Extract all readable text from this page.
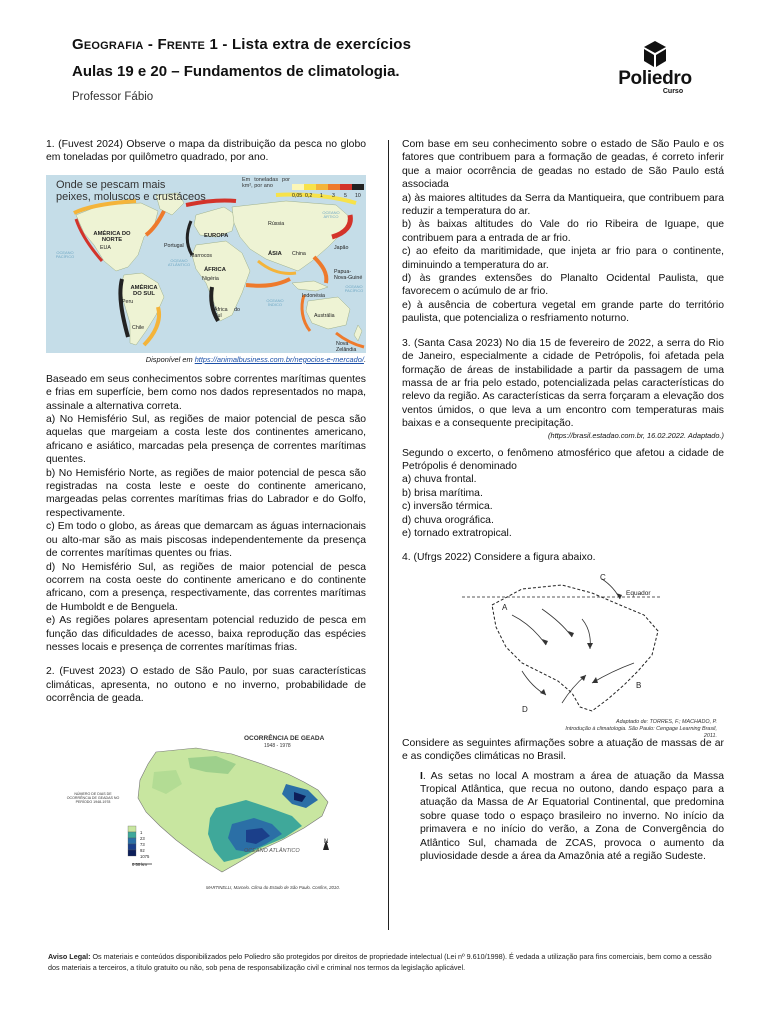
Geografia - Frente 1 - Lista extra de exercícios
Aulas 19 e 20 – Fundamentos de climatologia.
Professor Fábio
Poliedro
Curso

1. (Fuvest 2024) Observe o mapa da distribuição da pesca no globo em toneladas por quilômetro quadrado, por ano.

Onde se pescam mais
peixes, moluscos e crustáceos
Em toneladas por km², por ano
0,05 0,2 1 3 5 10
AMÉRICA DO NORTE
EUA
EUROPA
Rússia
ÁSIA China
Japão
Portugal
Marrocos
ÁFRICA
Nigéria
AMÉRICA DO SUL
Peru
Chile
África do Sul
Indonésia
Papua-Nova-Guiné
Austrália
Nova Zelândia
OCEANO PACÍFICO
OCEANO ATLÂNTICO
OCEANO PACÍFICO
OCEANO ÍNDICO
OCEANO ÁRTICO
Disponível em https://animalbusiness.com.br/negocios-e-mercado/.

Baseado em seus conhecimentos sobre correntes marítimas quentes e frias em superfície, bem como nos dados representados no mapa, assinale a alternativa correta.

a) No Hemisfério Sul, as regiões de maior potencial de pesca são aquelas que margeiam a costa leste dos continentes americano, africano e asiático, marcadas pela presença de correntes marítimas quentes.

b) No Hemisfério Norte, as regiões de maior potencial de pesca são registradas na costa leste e oeste do continente americano, margeadas pelas correntes marítimas frias do Labrador e do Golfo, respectivamente.

c) Em todo o globo, as áreas que demarcam as águas internacionais ou alto-mar são as mais piscosas independentemente da presença de correntes marítimas quentes ou frias.

d) No Hemisfério Sul, as regiões de maior potencial de pesca ocorrem na costa oeste do continente americano e do continente africano, com a presença, respectivamente, das correntes marítimas de Humboldt e de Benguela.

e) As regiões polares apresentam potencial reduzido de pesca em função das dificuldades de acesso, baixa reprodução das espécies nesses locais e presença de correntes marítimas frias.

2. (Fuvest 2023) O estado de São Paulo, por suas características climáticas, apresenta, no outono e no inverno, probabilidade de ocorrência de geada.

OCORRÊNCIA DE GEADA
1948 - 1978
NÚMERO DE DIAS DE OCORRÊNCIA DE GEADAS NO PERÍODO 1948-1978
1
23
73
92
1075
OCEANO ATLÂNTICO
0 50 km
N
MARTINELLI, Marcelo. Clima do Estado de São Paulo. Confins, 2010.

Com base em seu conhecimento sobre o estado de São Paulo e os fatores que contribuem para a formação de geadas, é correto inferir que a maior ocorrência de geadas no estado de São Paulo está associada

a) às maiores altitudes da Serra da Mantiqueira, que contribuem para reduzir a temperatura do ar.

b) às baixas altitudes do Vale do rio Ribeira de Iguape, que contribuem para a entrada de ar frio.

c) ao efeito da maritimidade, que injeta ar frio para o continente, diminuindo a temperatura do ar.

d) às grandes extensões do Planalto Ocidental Paulista, que favorecem o acúmulo de ar frio.

e) à ausência de cobertura vegetal em grande parte do território paulista, que potencializa o resfriamento noturno.

3. (Santa Casa 2023) No dia 15 de fevereiro de 2022, a serra do Rio de Janeiro, especialmente a cidade de Petrópolis, foi afetada pela formação de áreas de instabilidade a partir da passagem de uma massa de ar fria pelo estado, potencializada pelas características do relevo da região. As características da serra forçaram a elevação dos ventos úmidos, o que leva a um encontro com temperaturas mais baixas e a consequente precipitação.

(https://brasil.estadao.com.br, 16.02.2022. Adaptado.)

Segundo o excerto, o fenômeno atmosférico que afetou a cidade de Petrópolis é denominado

a) chuva frontal.

b) brisa marítima.

c) inversão térmica.

d) chuva orográfica.

e) tornado extratropical.

4. (Ufrgs 2022) Considere a figura abaixo.

A
B
C
D
Equador
Adaptado de: TORRES, F.; MACHADO, P.
Introdução à climatologia. São Paulo: Cengage Learning Brasil, 2011.

Considere as seguintes afirmações sobre a atuação de massas de ar e as condições climáticas no Brasil.

I. As setas no local A mostram a área de atuação da Massa Tropical Atlântica, que recua no outono, dando espaço para a atuação da Massa de Ar Equatorial Continental, que predomina sobre quase todo o espaço brasileiro no inverno. No início da primavera e no início do verão, a Zona de Convergência do Atlântico Sul, chamada de ZCAS, provoca o aumento da pluviosidade desde a área da Amazônia até a região Sudeste.

Aviso Legal: Os materiais e conteúdos disponibilizados pelo Poliedro são protegidos por direitos de propriedade intelectual (Lei nº 9.610/1998). É vedada a utilização para fins comerciais, bem como a cessão dos materiais a terceiros, a título gratuito ou não, sob pena de responsabilização civil e criminal nos termos da legislação aplicável.
